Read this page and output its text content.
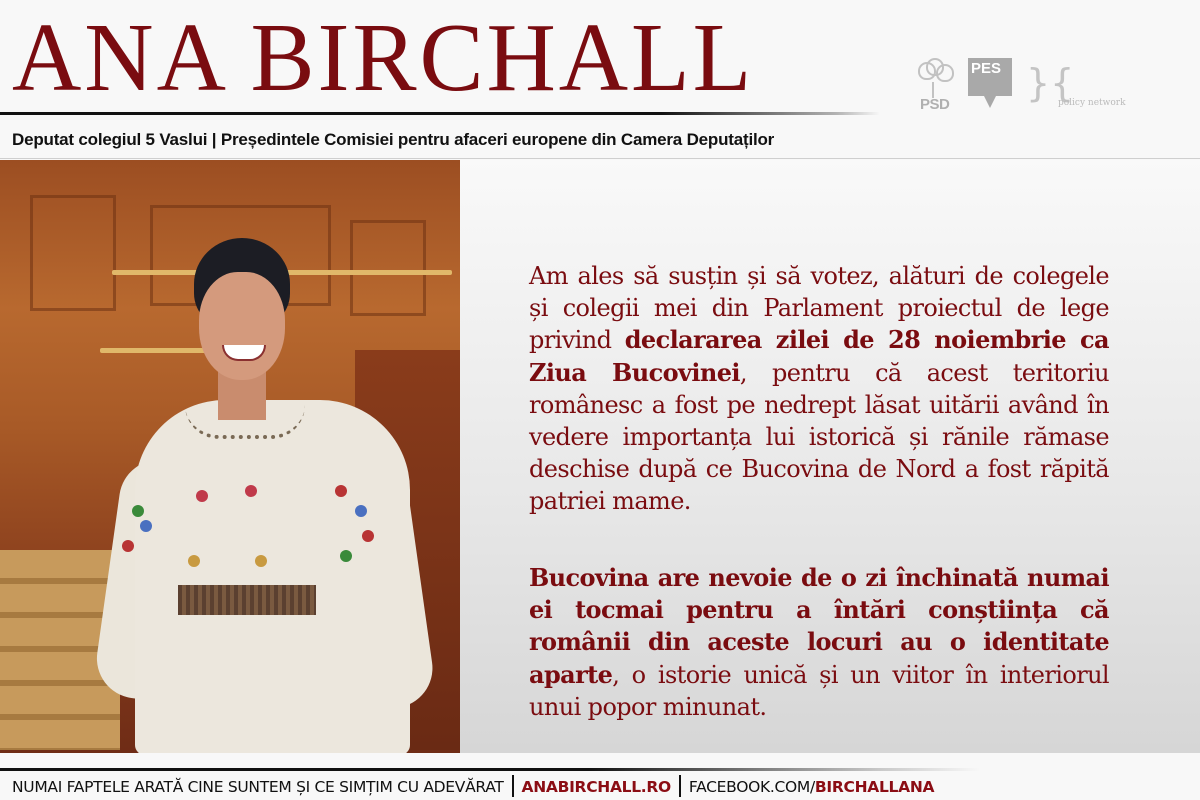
ANA BIRCHALL
Deputat colegiul 5 Vaslui | Președintele Comisiei pentru afaceri europene din Camera Deputaților
PSD
PES }{
policy network

Am ales să susțin și să votez, alături de colegele și colegii mei din Parlament proiectul de lege privind declararea zilei de 28 noiembrie ca Ziua Bucovinei, pentru că acest teritoriu românesc a fost pe nedrept lăsat uitării având în vedere importanța lui istorică și rănile rămase deschise după ce Bucovina de Nord a fost răpită patriei mame.

Bucovina are nevoie de o zi închinată numai ei tocmai pentru a întări conștiința că românii din aceste locuri au o identitate aparte, o istorie unică și un viitor în interiorul unui popor minunat.

NUMAI FAPTELE ARATĂ CINE SUNTEM ȘI CE SIMȚIM CU ADEVĂRAT ANABIRCHALL.RO FACEBOOK.COM/BIRCHALLANA
